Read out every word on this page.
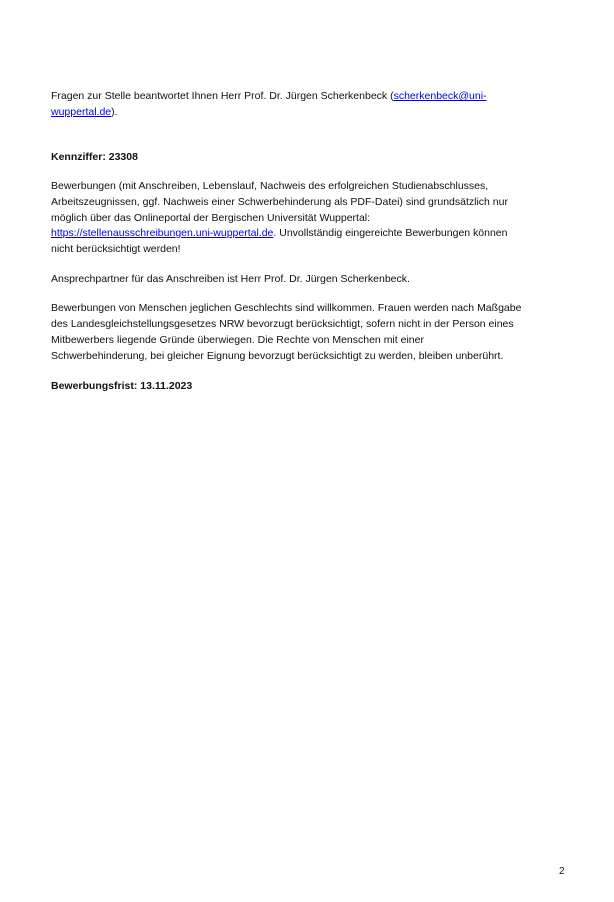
Fragen zur Stelle beantwortet Ihnen Herr Prof. Dr. Jürgen Scherkenbeck (scherkenbeck@uni-
wuppertal.de).
Kennziffer: 23308
Bewerbungen (mit Anschreiben, Lebenslauf, Nachweis des erfolgreichen Studienabschlusses,
Arbeitszeugnissen, ggf. Nachweis einer Schwerbehinderung als PDF-Datei) sind grundsätzlich nur
möglich über das Onlineportal der Bergischen Universität Wuppertal:
https://stellenausschreibungen.uni-wuppertal.de. Unvollständig eingereichte Bewerbungen können
nicht berücksichtigt werden!
Ansprechpartner für das Anschreiben ist Herr Prof. Dr. Jürgen Scherkenbeck.
Bewerbungen von Menschen jeglichen Geschlechts sind willkommen. Frauen werden nach Maßgabe
des Landesgleichstellungsgesetzes NRW bevorzugt berücksichtigt, sofern nicht in der Person eines
Mitbewerbers liegende Gründe überwiegen. Die Rechte von Menschen mit einer
Schwerbehinderung, bei gleicher Eignung bevorzugt berücksichtigt zu werden, bleiben unberührt.
Bewerbungsfrist: 13.11.2023
2
